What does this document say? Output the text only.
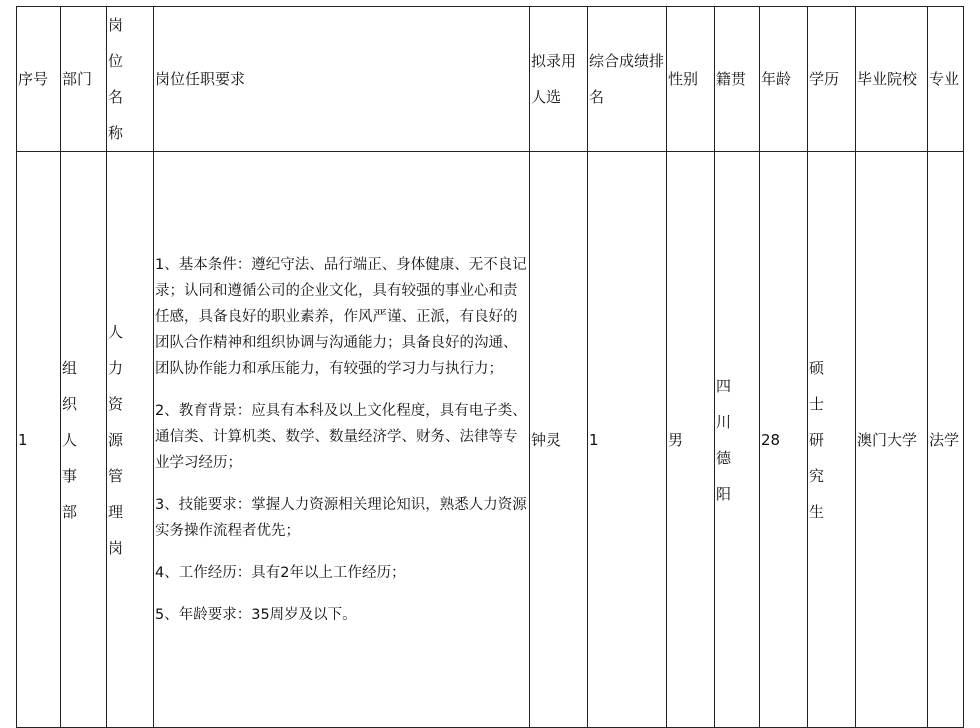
序号	部门	岗位名称	岗位任职要求	拟录用人选	综合成绩排名	性别	籍贯	年龄	学历	毕业院校	专业
1	组织人事部	人力资源管理岗	1、基本条件：遵纪守法、品行端正、身体健康、无不良记录；认同和遵循公司的企业文化，具有较强的事业心和责任感，具备良好的职业素养，作风严谨、正派，有良好的团队合作精神和组织协调与沟通能力；具备良好的沟通、团队协作能力和承压能力，有较强的学习力与执行力；

2、教育背景：应具有本科及以上文化程度，具有电子类、通信类、计算机类、数学、数量经济学、财务、法律等专业学习经历；

3、技能要求：掌握人力资源相关理论知识，熟悉人力资源实务操作流程者优先；

4、工作经历：具有2年以上工作经历；

5、年龄要求：35周岁及以下。	钟灵	1	男	四川德阳	28	硕士研究生	澳门大学	法学
